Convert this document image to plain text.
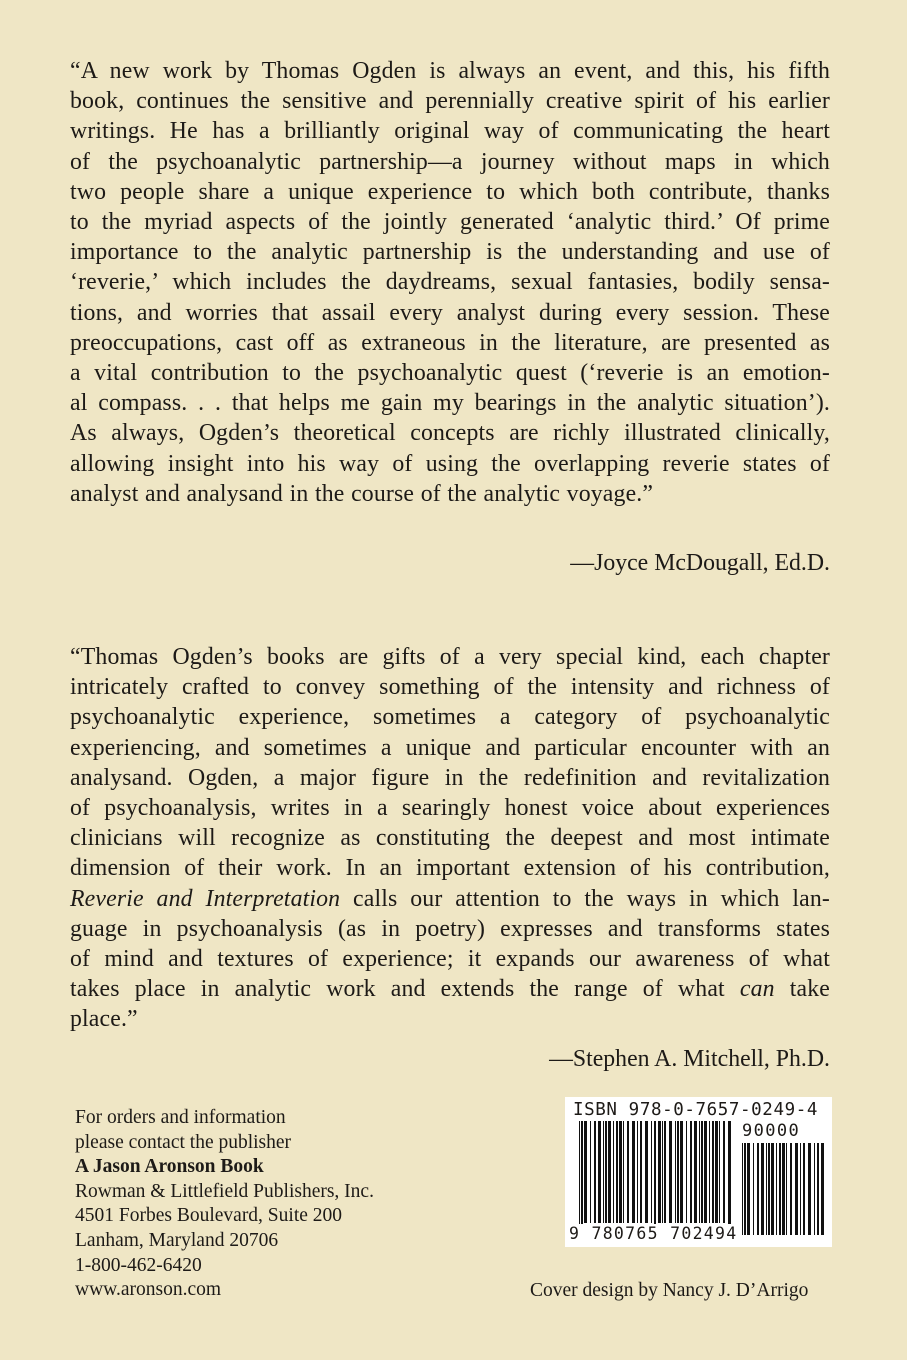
“A new work by Thomas Ogden is always an event, and this, his fifth
book, continues the sensitive and perennially creative spirit of his earlier
writings. He has a brilliantly original way of communicating the heart
of the psychoanalytic partnership—a journey without maps in which
two people share a unique experience to which both contribute, thanks
to the myriad aspects of the jointly generated ‘analytic third.’ Of prime
importance to the analytic partnership is the understanding and use of
‘reverie,’ which includes the daydreams, sexual fantasies, bodily sensa-
tions, and worries that assail every analyst during every session. These
preoccupations, cast off as extraneous in the literature, are presented as
a vital contribution to the psychoanalytic quest (‘reverie is an emotion-
al compass. . . that helps me gain my bearings in the analytic situation’).
As always, Ogden’s theoretical concepts are richly illustrated clinically,
allowing insight into his way of using the overlapping reverie states of
analyst and analysand in the course of the analytic voyage.”
—Joyce McDougall, Ed.D.
“Thomas Ogden’s books are gifts of a very special kind, each chapter
intricately crafted to convey something of the intensity and richness of
psychoanalytic experience, sometimes a category of psychoanalytic
experiencing, and sometimes a unique and particular encounter with an
analysand. Ogden, a major figure in the redefinition and revitalization
of psychoanalysis, writes in a searingly honest voice about experiences
clinicians will recognize as constituting the deepest and most intimate
dimension of their work. In an important extension of his contribution,
Reverie and Interpretation calls our attention to the ways in which lan-
guage in psychoanalysis (as in poetry) expresses and transforms states
of mind and textures of experience; it expands our awareness of what
takes place in analytic work and extends the range of what can take
place.”
—Stephen A. Mitchell, Ph.D.
For orders and information
please contact the publisher
A Jason Aronson Book
Rowman & Littlefield Publishers, Inc.
4501 Forbes Boulevard, Suite 200
Lanham, Maryland 20706
1-800-462-6420
www.aronson.com
ISBN 978-0-7657-0249-4
90000
9 780765 702494
Cover design by Nancy J. D’Arrigo
